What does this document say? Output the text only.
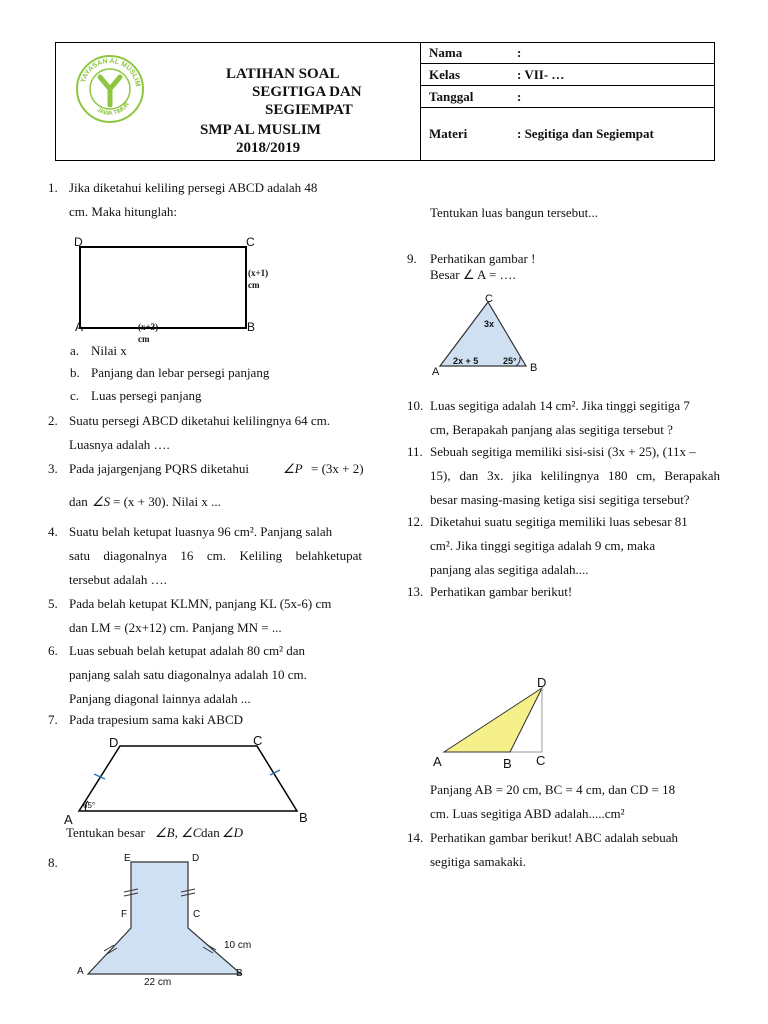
YAYASAN AL MUSLIM
JAWA TIMUR
LATIHAN SOAL
SEGITIGA DAN
SEGIEMPAT
SMP AL MUSLIM
2018/2019
Nama	:
Kelas	: VII- …
Tanggal	:
Materi	: Segitiga dan Segiempat
1. Jika diketahui keliling persegi ABCD adalah 48
cm. Maka hitunglah:
D	C
A	B
(x+1)
cm
(x+3)
cm
a. Nilai x
b. Panjang dan lebar persegi panjang
c. Luas persegi panjang
2. Suatu persegi ABCD diketahui kelilingnya 64 cm.
Luasnya adalah ….
3. Pada jajargenjang PQRS diketahui	∠P = (3x + 2)
dan ∠S = (x + 30). Nilai x ...
4. Suatu belah ketupat luasnya 96 cm². Panjang salah
satu diagonalnya 16 cm. Keliling belahketupat
tersebut adalah ….
5. Pada belah ketupat KLMN, panjang KL (5x-6) cm
dan LM = (2x+12) cm. Panjang MN = ...
6. Luas sebuah belah ketupat adalah 80 cm² dan
panjang salah satu diagonalnya adalah 10 cm.
Panjang diagonal lainnya adalah ...
7. Pada trapesium sama kaki ABCD
D	C
A	B
65°
Tentukan besar ∠B, ∠C dan ∠D
8.	E	D
F	C
A	B
10 cm
22 cm
Tentukan luas bangun tersebut...
9. Perhatikan gambar !
Besar ∠ A = ….
C
A	B
3x
2x + 5	25°
10. Luas segitiga adalah 14 cm². Jika tinggi segitiga 7
cm, Berapakah panjang alas segitiga tersebut ?
11. Sebuah segitiga memiliki sisi-sisi (3x + 25), (11x –
15), dan 3x. jika kelilingnya 180 cm, Berapakah
besar masing-masing ketiga sisi segitiga tersebut?
12. Diketahui suatu segitiga memiliki luas sebesar 81
cm². Jika tinggi segitiga adalah 9 cm, maka
panjang alas segitiga adalah....
13. Perhatikan gambar berikut!
D
A	B C
Panjang AB = 20 cm, BC = 4 cm, dan CD = 18
cm. Luas segitiga ABD adalah.....cm²
14. Perhatikan gambar berikut! ABC adalah sebuah
segitiga samakaki.
